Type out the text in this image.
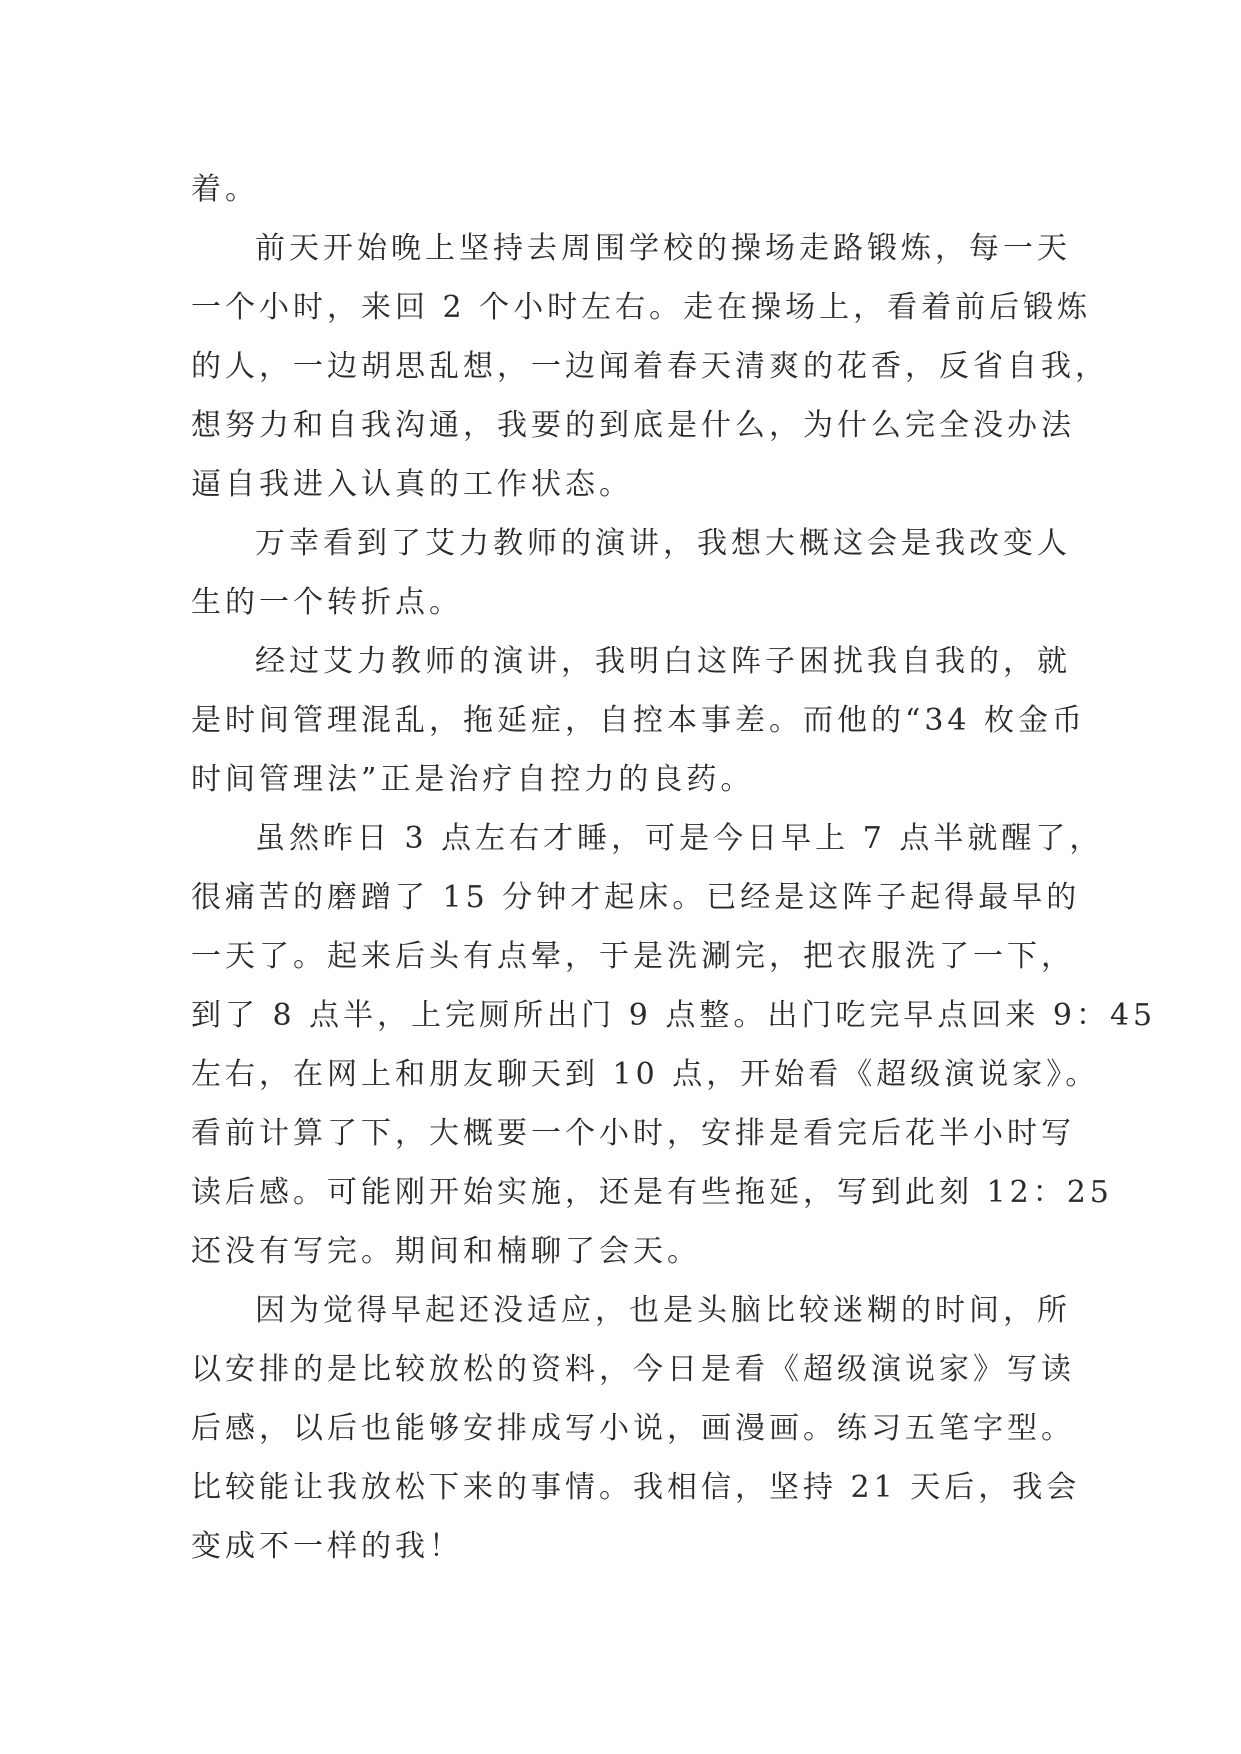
着。
前天开始晚上坚持去周围学校的操场走路锻炼，每一天
一个小时，来回 2 个小时左右。走在操场上，看着前后锻炼
的人，一边胡思乱想，一边闻着春天清爽的花香，反省自我，
想努力和自我沟通，我要的到底是什么，为什么完全没办法
逼自我进入认真的工作状态。
万幸看到了艾力教师的演讲，我想大概这会是我改变人
生的一个转折点。
经过艾力教师的演讲，我明白这阵子困扰我自我的，就
是时间管理混乱，拖延症，自控本事差。而他的“34 枚金币
时间管理法”正是治疗自控力的良药。
虽然昨日 3 点左右才睡，可是今日早上 7 点半就醒了，
很痛苦的磨蹭了 15 分钟才起床。已经是这阵子起得最早的
一天了。起来后头有点晕，于是洗涮完，把衣服洗了一下，
到了 8 点半，上完厕所出门 9 点整。出门吃完早点回来 9：45
左右，在网上和朋友聊天到 10 点，开始看《超级演说家》。
看前计算了下，大概要一个小时，安排是看完后花半小时写
读后感。可能刚开始实施，还是有些拖延，写到此刻 12：25
还没有写完。期间和楠聊了会天。
因为觉得早起还没适应，也是头脑比较迷糊的时间，所
以安排的是比较放松的资料，今日是看《超级演说家》写读
后感，以后也能够安排成写小说，画漫画。练习五笔字型。
比较能让我放松下来的事情。我相信，坚持 21 天后，我会
变成不一样的我！
